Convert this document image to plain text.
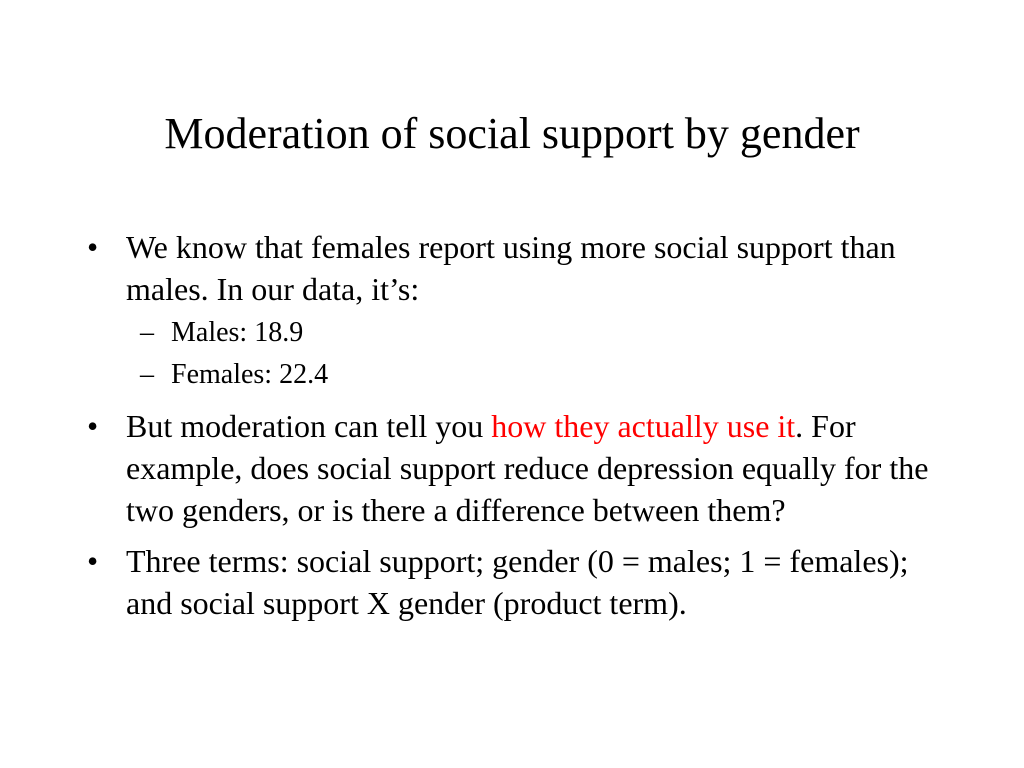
Moderation of social support by gender
• We know that females report using more social support than males. In our data, it’s:
– Males: 18.9
– Females: 22.4
• But moderation can tell you how they actually use it. For example, does social support reduce depression equally for the two genders, or is there a difference between them?
• Three terms: social support; gender (0 = males; 1 = females); and social support X gender (product term).
